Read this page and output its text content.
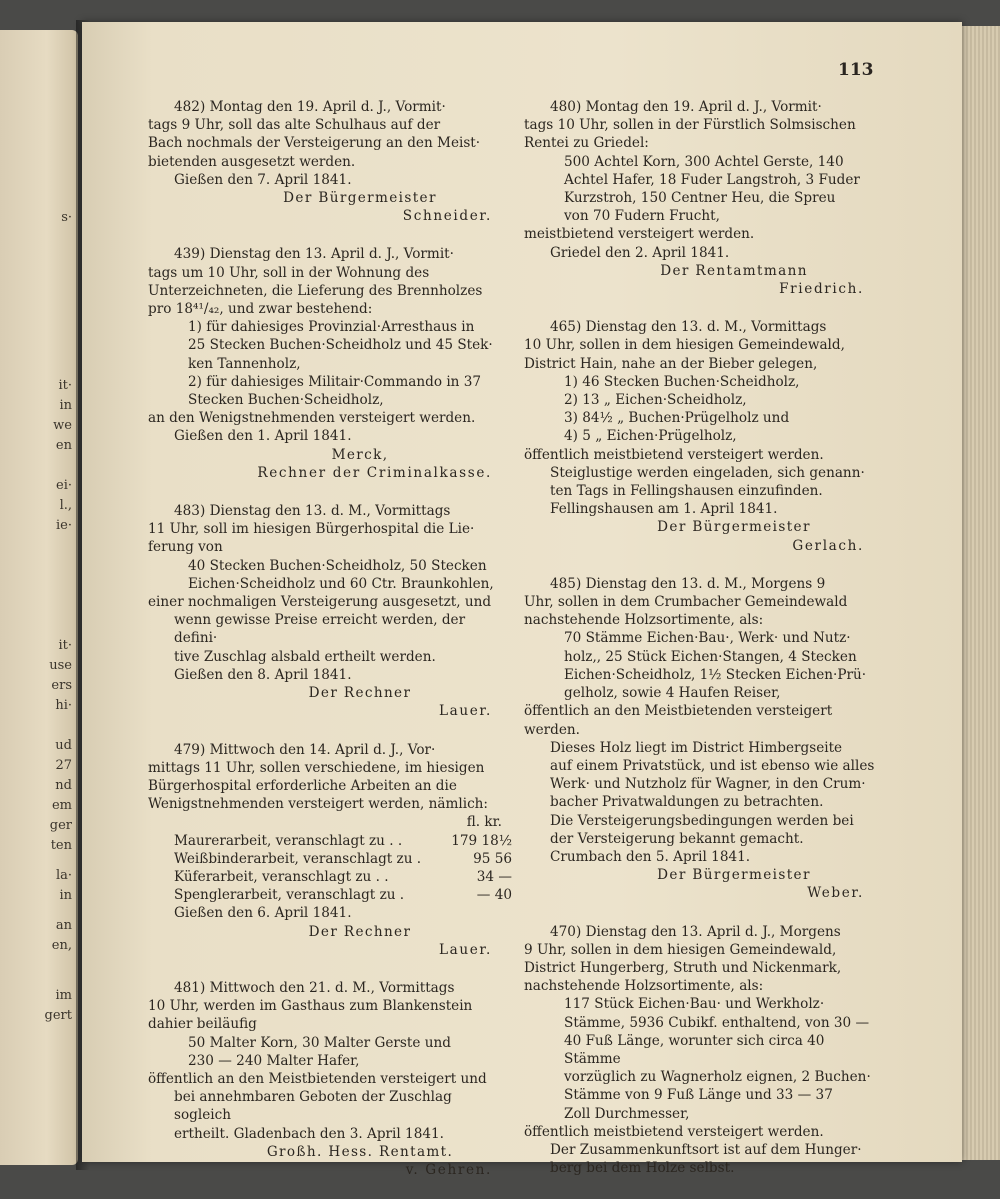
s·
it·
in
we
en
ei·
l.,
ie·
it·
use
ers
hi·
ud
27
nd
em
ger
ten
la·
in
an
en,
im
gert
113

482) Montag den 19. April d. J., Vormit·

tags 9 Uhr, soll das alte Schulhaus auf der

Bach nochmals der Versteigerung an den Meist·

bietenden ausgesetzt werden.

Gießen den 7. April 1841.

Der Bürgermeister

Schneider.

439) Dienstag den 13. April d. J., Vormit·

tags um 10 Uhr, soll in der Wohnung des

Unterzeichneten, die Lieferung des Brennholzes

pro 18⁴¹/₄₂, und zwar bestehend:

1) für dahiesiges Provinzial·Arresthaus in

25 Stecken Buchen·Scheidholz und 45 Stek·

ken Tannenholz,

2) für dahiesiges Militair·Commando in 37

Stecken Buchen·Scheidholz,

an den Wenigstnehmenden versteigert werden.

Gießen den 1. April 1841.

Merck,

Rechner der Criminalkasse.

483) Dienstag den 13. d. M., Vormittags

11 Uhr, soll im hiesigen Bürgerhospital die Lie·

ferung von

40 Stecken Buchen·Scheidholz, 50 Stecken

Eichen·Scheidholz und 60 Ctr. Braunkohlen,

einer nochmaligen Versteigerung ausgesetzt, und

wenn gewisse Preise erreicht werden, der defini·

tive Zuschlag alsbald ertheilt werden.

Gießen den 8. April 1841.

Der Rechner

Lauer.

479) Mittwoch den 14. April d. J., Vor·

mittags 11 Uhr, sollen verschiedene, im hiesigen

Bürgerhospital erforderliche Arbeiten an die

Wenigstnehmenden versteigert werden, nämlich:

fl. kr.

Maurerarbeit, veranschlagt zu . .	179 18½
Weißbinderarbeit, veranschlagt zu .	95 56
Küferarbeit, veranschlagt zu . .	34 —
Spenglerarbeit, veranschlagt zu .	— 40

Gießen den 6. April 1841.

Der Rechner

Lauer.

481) Mittwoch den 21. d. M., Vormittags

10 Uhr, werden im Gasthaus zum Blankenstein

dahier beiläufig

50 Malter Korn, 30 Malter Gerste und

230 — 240 Malter Hafer,

öffentlich an den Meistbietenden versteigert und

bei annehmbaren Geboten der Zuschlag sogleich

ertheilt. Gladenbach den 3. April 1841.

Großh. Hess. Rentamt.

v. Gehren.

480) Montag den 19. April d. J., Vormit·

tags 10 Uhr, sollen in der Fürstlich Solmsischen

Rentei zu Griedel:

500 Achtel Korn, 300 Achtel Gerste, 140

Achtel Hafer, 18 Fuder Langstroh, 3 Fuder

Kurzstroh, 150 Centner Heu, die Spreu

von 70 Fudern Frucht,

meistbietend versteigert werden.

Griedel den 2. April 1841.

Der Rentamtmann

Friedrich.

465) Dienstag den 13. d. M., Vormittags

10 Uhr, sollen in dem hiesigen Gemeindewald,

District Hain, nahe an der Bieber gelegen,

1) 46 Stecken Buchen·Scheidholz,

2) 13 „ Eichen·Scheidholz,

3) 84½ „ Buchen·Prügelholz und

4) 5 „ Eichen·Prügelholz,

öffentlich meistbietend versteigert werden.

Steiglustige werden eingeladen, sich genann·

ten Tags in Fellingshausen einzufinden.

Fellingshausen am 1. April 1841.

Der Bürgermeister

Gerlach.

485) Dienstag den 13. d. M., Morgens 9

Uhr, sollen in dem Crumbacher Gemeindewald

nachstehende Holzsortimente, als:

70 Stämme Eichen·Bau·, Werk· und Nutz·

holz,, 25 Stück Eichen·Stangen, 4 Stecken

Eichen·Scheidholz, 1½ Stecken Eichen·Prü·

gelholz, sowie 4 Haufen Reiser,

öffentlich an den Meistbietenden versteigert werden.

Dieses Holz liegt im District Himbergseite

auf einem Privatstück, und ist ebenso wie alles

Werk· und Nutzholz für Wagner, in den Crum·

bacher Privatwaldungen zu betrachten.

Die Versteigerungsbedingungen werden bei

der Versteigerung bekannt gemacht.

Crumbach den 5. April 1841.

Der Bürgermeister

Weber.

470) Dienstag den 13. April d. J., Morgens

9 Uhr, sollen in dem hiesigen Gemeindewald,

District Hungerberg, Struth und Nickenmark,

nachstehende Holzsortimente, als:

117 Stück Eichen·Bau· und Werkholz·

Stämme, 5936 Cubikf. enthaltend, von 30 —

40 Fuß Länge, worunter sich circa 40 Stämme

vorzüglich zu Wagnerholz eignen, 2 Buchen·

Stämme von 9 Fuß Länge und 33 — 37

Zoll Durchmesser,

öffentlich meistbietend versteigert werden.

Der Zusammenkunftsort ist auf dem Hunger·

berg bei dem Holze selbst.
